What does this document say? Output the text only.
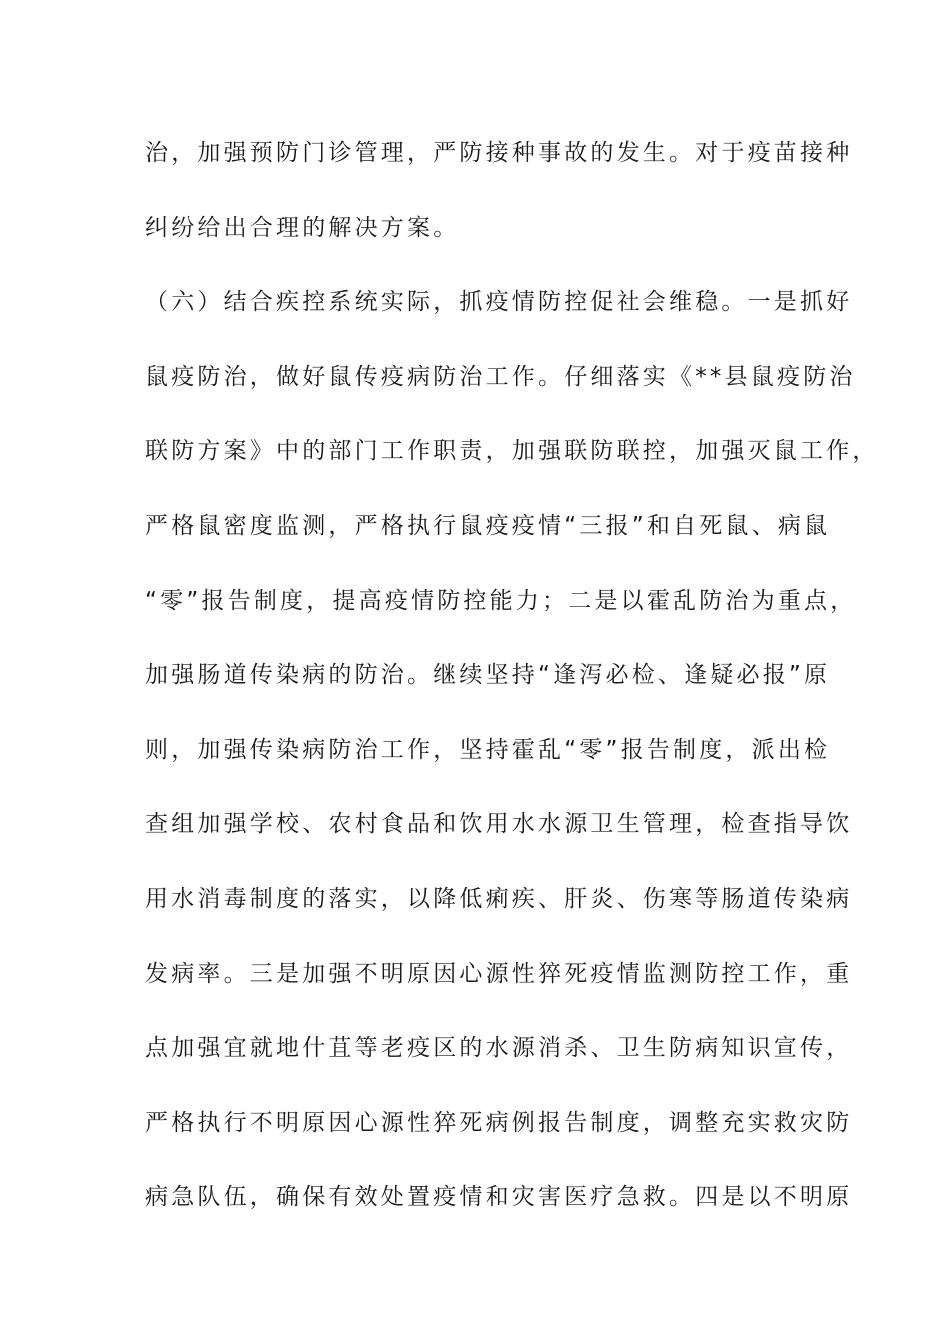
治，加强预防门诊管理，严防接种事故的发生。对于疫苗接种
纠纷给出合理的解决方案。
（六）结合疾控系统实际，抓疫情防控促社会维稳。一是抓好
鼠疫防治，做好鼠传疫病防治工作。仔细落实《**县鼠疫防治
联防方案》中的部门工作职责，加强联防联控，加强灭鼠工作，
严格鼠密度监测，严格执行鼠疫疫情“三报”和自死鼠、病鼠
“零”报告制度，提高疫情防控能力；二是以霍乱防治为重点，
加强肠道传染病的防治。继续坚持“逢泻必检、逢疑必报”原
则，加强传染病防治工作，坚持霍乱“零”报告制度，派出检
查组加强学校、农村食品和饮用水水源卫生管理，检查指导饮
用水消毒制度的落实，以降低痢疾、肝炎、伤寒等肠道传染病
发病率。三是加强不明原因心源性猝死疫情监测防控工作，重
点加强宜就地什苴等老疫区的水源消杀、卫生防病知识宣传，
严格执行不明原因心源性猝死病例报告制度，调整充实救灾防
病急队伍，确保有效处置疫情和灾害医疗急救。四是以不明原
